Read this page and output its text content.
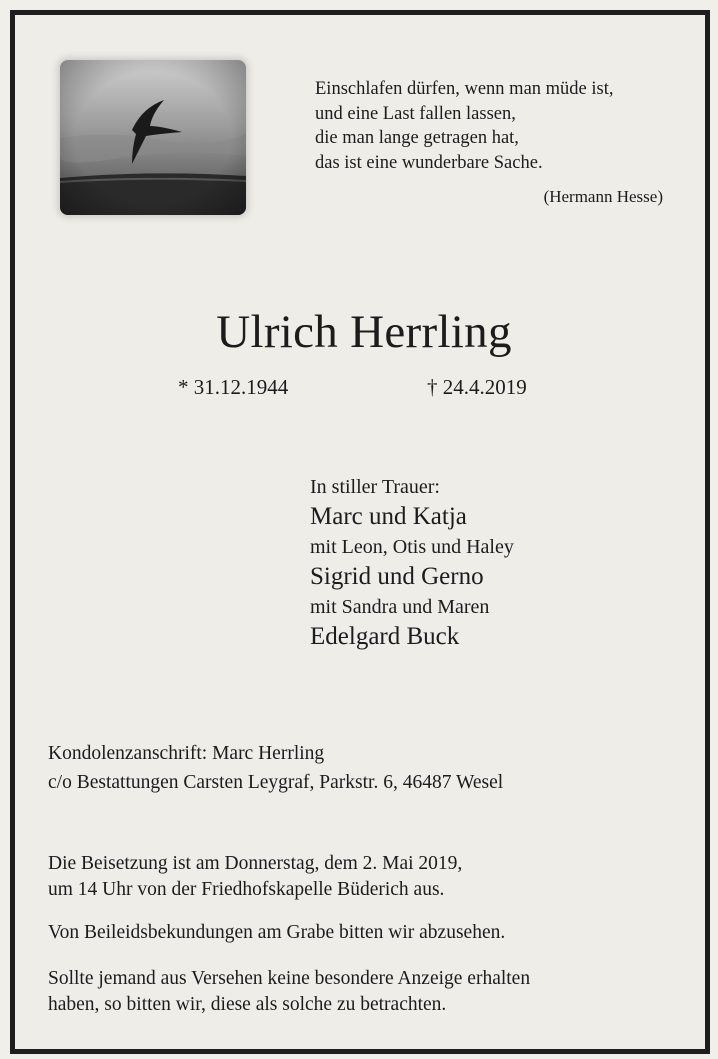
Einschlafen dürfen, wenn man müde ist,
und eine Last fallen lassen,
die man lange getragen hat,
das ist eine wunderbare Sache.
(Hermann Hesse)
Ulrich Herrling
* 31.12.1944	† 24.4.2019
In stiller Trauer:
Marc und Katja
mit Leon, Otis und Haley
Sigrid und Gerno
mit Sandra und Maren
Edelgard Buck
Kondolenzanschrift: Marc Herrling
c/o Bestattungen Carsten Leygraf, Parkstr. 6, 46487 Wesel
Die Beisetzung ist am Donnerstag, dem 2. Mai 2019,
um 14 Uhr von der Friedhofskapelle Büderich aus.
Von Beileidsbekundungen am Grabe bitten wir abzusehen.
Sollte jemand aus Versehen keine besondere Anzeige erhalten
haben, so bitten wir, diese als solche zu betrachten.
